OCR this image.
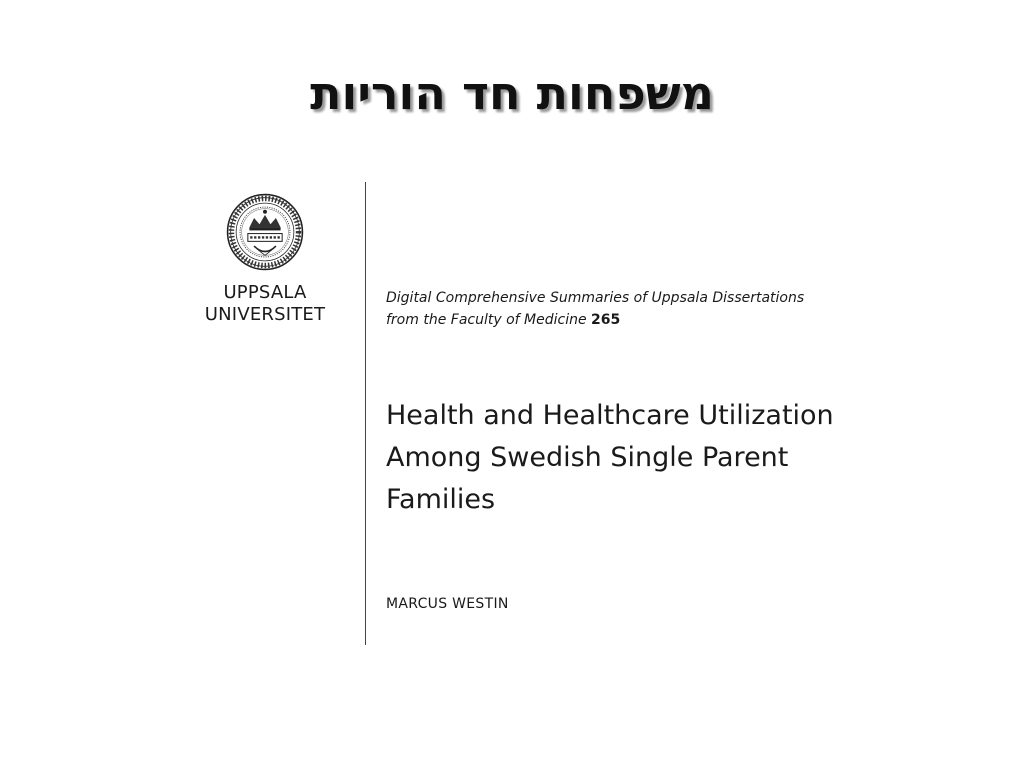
משפחות חד הוריות
UPPSALA
UNIVERSITET
Digital Comprehensive Summaries of Uppsala Dissertations
from the Faculty of Medicine 265
Health and Healthcare Utilization
Among Swedish Single Parent
Families
MARCUS WESTIN
